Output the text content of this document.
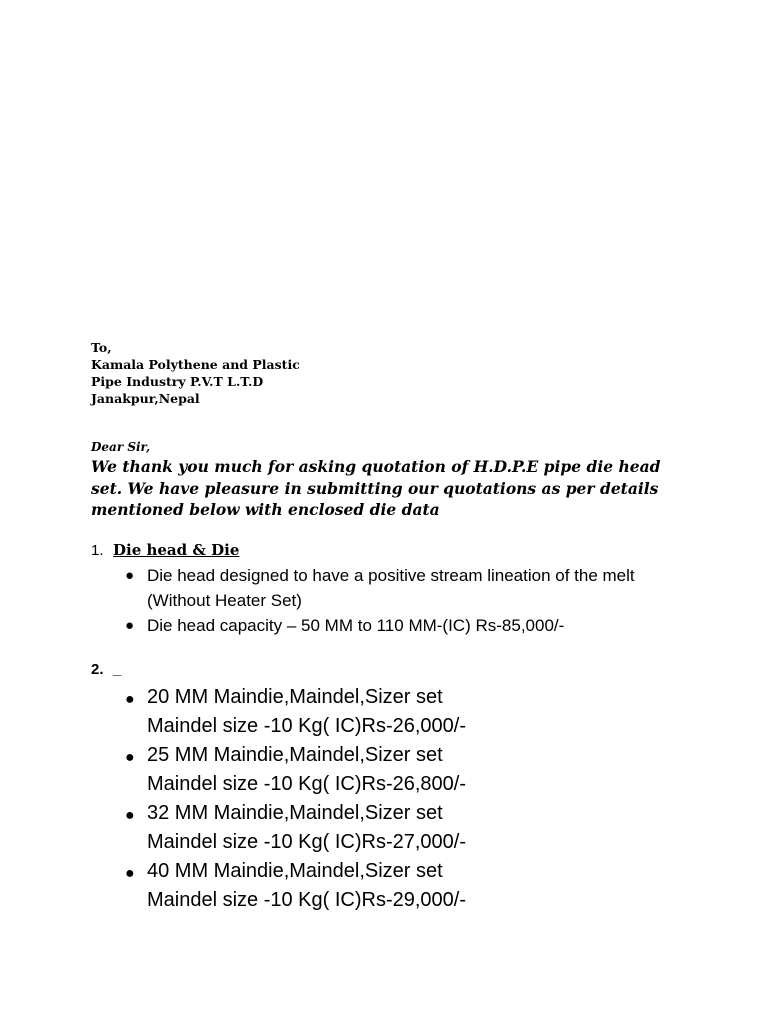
To,
Kamala Polythene and Plastic
Pipe Industry P.V.T L.T.D
Janakpur,Nepal
Dear Sir,
We thank you much for asking quotation of H.D.P.E pipe die head set. We have pleasure in submitting our quotations as per details mentioned below with enclosed die data
1. Die head & Die
● Die head designed to have a positive stream lineation of the melt (Without Heater Set)
● Die head capacity – 50 MM to 110 MM-(IC) Rs-85,000/-
2. _
● 20 MM Maindie,Maindel,Sizer set
Maindel size -10 Kg( IC)Rs-26,000/-
● 25 MM Maindie,Maindel,Sizer set
Maindel size -10 Kg( IC)Rs-26,800/-
● 32 MM Maindie,Maindel,Sizer set
Maindel size -10 Kg( IC)Rs-27,000/-
● 40 MM Maindie,Maindel,Sizer set
Maindel size -10 Kg( IC)Rs-29,000/-
